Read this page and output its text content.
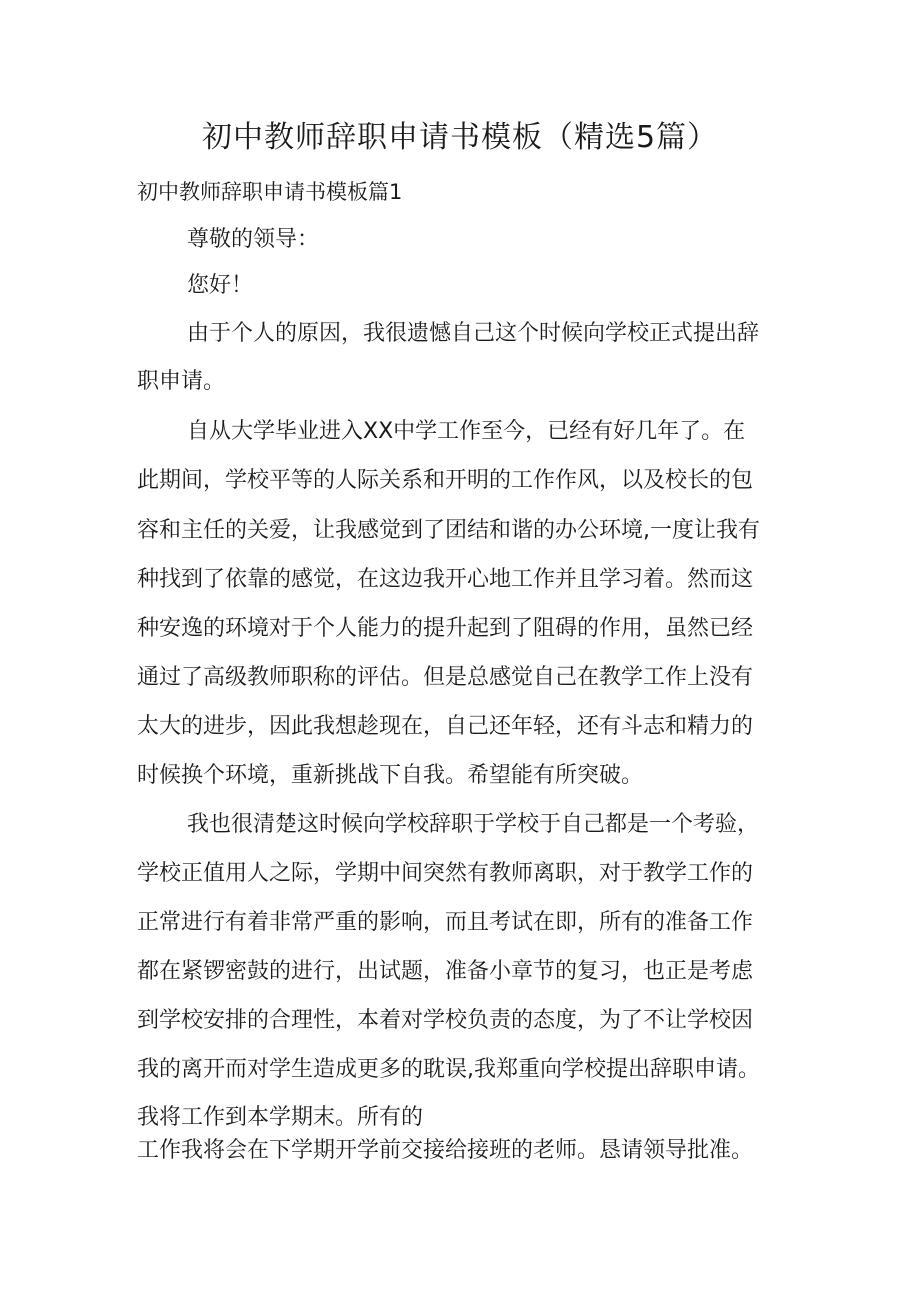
初中教师辞职申请书模板（精选5篇）
初中教师辞职申请书模板篇1

尊敬的领导：

您好！

由于个人的原因，我很遗憾自己这个时候向学校正式提出辞

职申请。

自从大学毕业进入XX中学工作至今，已经有好几年了。在

此期间，学校平等的人际关系和开明的工作作风，以及校长的包

容和主任的关爱，让我感觉到了团结和谐的办公环境,一度让我有

种找到了依靠的感觉，在这边我开心地工作并且学习着。然而这

种安逸的环境对于个人能力的提升起到了阻碍的作用，虽然已经

通过了高级教师职称的评估。但是总感觉自己在教学工作上没有

太大的进步，因此我想趁现在，自己还年轻，还有斗志和精力的

时候换个环境，重新挑战下自我。希望能有所突破。

我也很清楚这时候向学校辞职于学校于自己都是一个考验，

学校正值用人之际，学期中间突然有教师离职，对于教学工作的

正常进行有着非常严重的影响，而且考试在即，所有的准备工作

都在紧锣密鼓的进行，出试题，准备小章节的复习，也正是考虑

到学校安排的合理性，本着对学校负责的态度，为了不让学校因

我的离开而对学生造成更多的耽误,我郑重向学校提出辞职申请。

我将工作到本学期末。所有的

工作我将会在下学期开学前交接给接班的老师。恳请领导批准。
